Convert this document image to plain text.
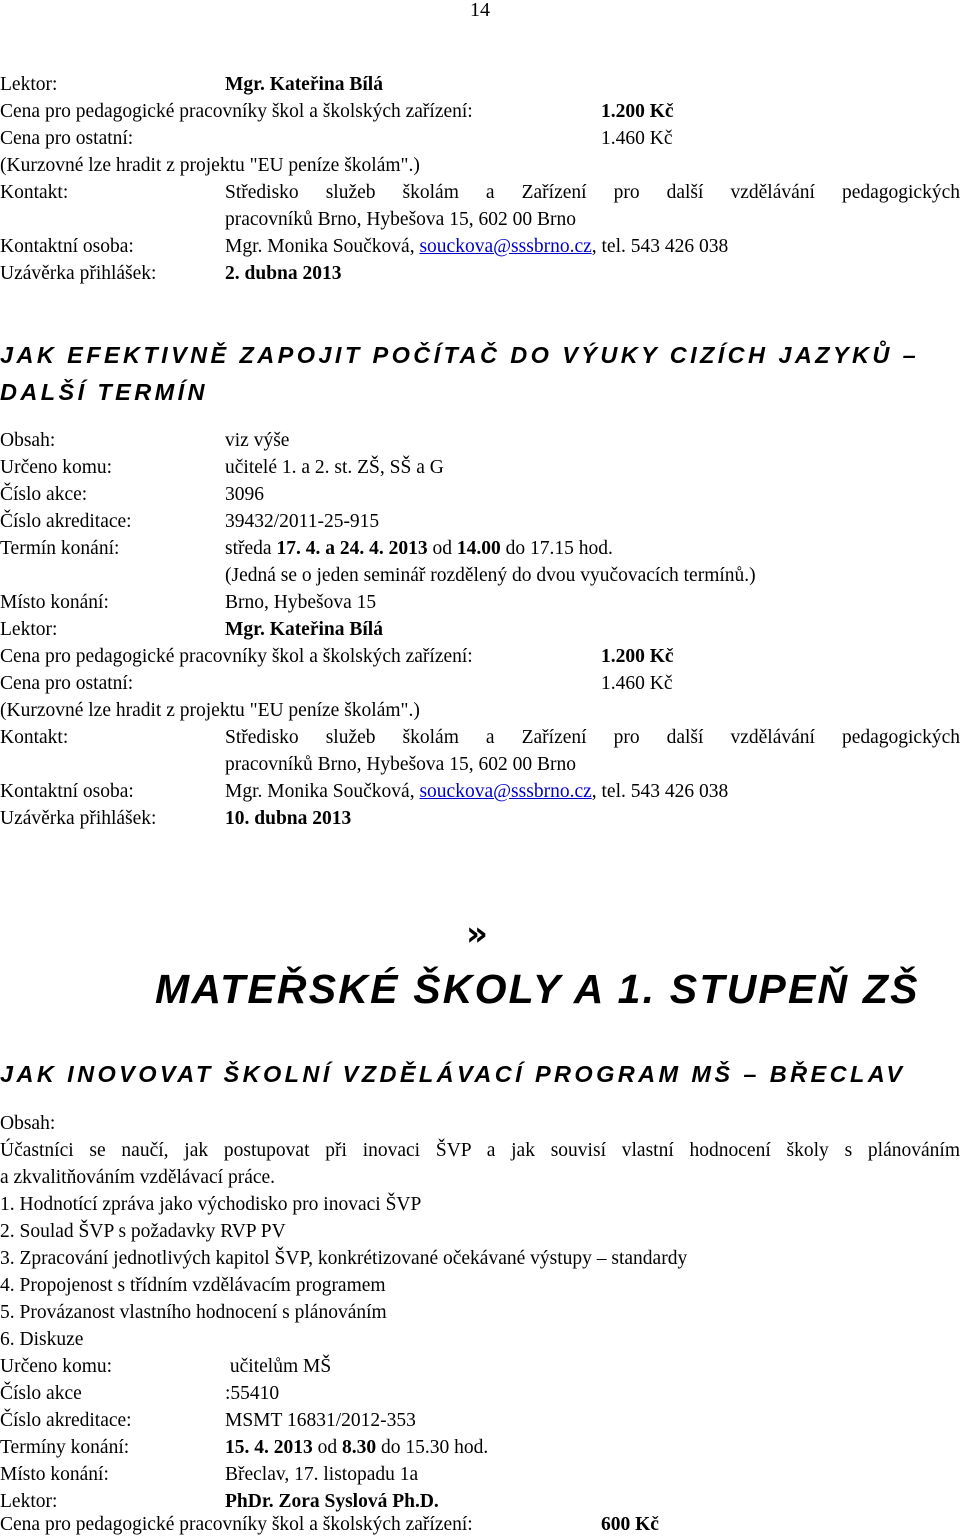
14
Lektor:	Mgr. Kateřina Bílá
Cena pro pedagogické pracovníky škol a školských zařízení:	1.200 Kč
Cena pro ostatní:	1.460 Kč
(Kurzovné lze hradit z projektu "EU peníze školám".)
Kontakt:	Středisko služeb školám a Zařízení pro další vzdělávání pedagogických
pracovníků Brno, Hybešova 15, 602 00 Brno
Kontaktní osoba:	Mgr. Monika Součková, souckova@sssbrno.cz, tel. 543 426 038
Uzávěrka přihlášek:	2. dubna 2013
JAK EFEKTIVNĚ ZAPOJIT POČÍTAČ DO VÝUKY CIZÍCH JAZYKŮ –
DALŠÍ TERMÍN
Obsah:	viz výše
Určeno komu:	učitelé 1. a 2. st. ZŠ, SŠ a G
Číslo akce:	3096
Číslo akreditace:	39432/2011-25-915
Termín konání:	středa 17. 4. a 24. 4. 2013 od 14.00 do 17.15 hod.
(Jedná se o jeden seminář rozdělený do dvou vyučovacích termínů.)
Místo konání:	Brno, Hybešova 15
Lektor:	Mgr. Kateřina Bílá
Cena pro pedagogické pracovníky škol a školských zařízení:	1.200 Kč
Cena pro ostatní:	1.460 Kč
(Kurzovné lze hradit z projektu "EU peníze školám".)
Kontakt:	Středisko služeb školám a Zařízení pro další vzdělávání pedagogických
pracovníků Brno, Hybešova 15, 602 00 Brno
Kontaktní osoba:	Mgr. Monika Součková, souckova@sssbrno.cz, tel. 543 426 038
Uzávěrka přihlášek:	10. dubna 2013
»
MATEŘSKÉ ŠKOLY A 1. STUPEŇ ZŠ
JAK INOVOVAT ŠKOLNÍ VZDĚLÁVACÍ PROGRAM MŠ – BŘECLAV
Obsah:
Účastníci se naučí, jak postupovat při inovaci ŠVP a jak souvisí vlastní hodnocení školy s plánováním
a zkvalitňováním vzdělávací práce.
1. Hodnotící zpráva jako východisko pro inovaci ŠVP
2. Soulad ŠVP s požadavky RVP PV
3. Zpracování jednotlivých kapitol ŠVP, konkrétizované očekávané výstupy – standardy
4. Propojenost s třídním vzdělávacím programem
5. Provázanost vlastního hodnocení s plánováním
6. Diskuze
Určeno komu:	učitelům MŠ
Číslo akce	:55410
Číslo akreditace:	MSMT 16831/2012-353
Termíny konání:	15. 4. 2013 od 8.30 do 15.30 hod.
Místo konání:	Břeclav, 17. listopadu 1a
Lektor:	PhDr. Zora Syslová Ph.D.
Cena pro pedagogické pracovníky škol a školských zařízení:	600 Kč
